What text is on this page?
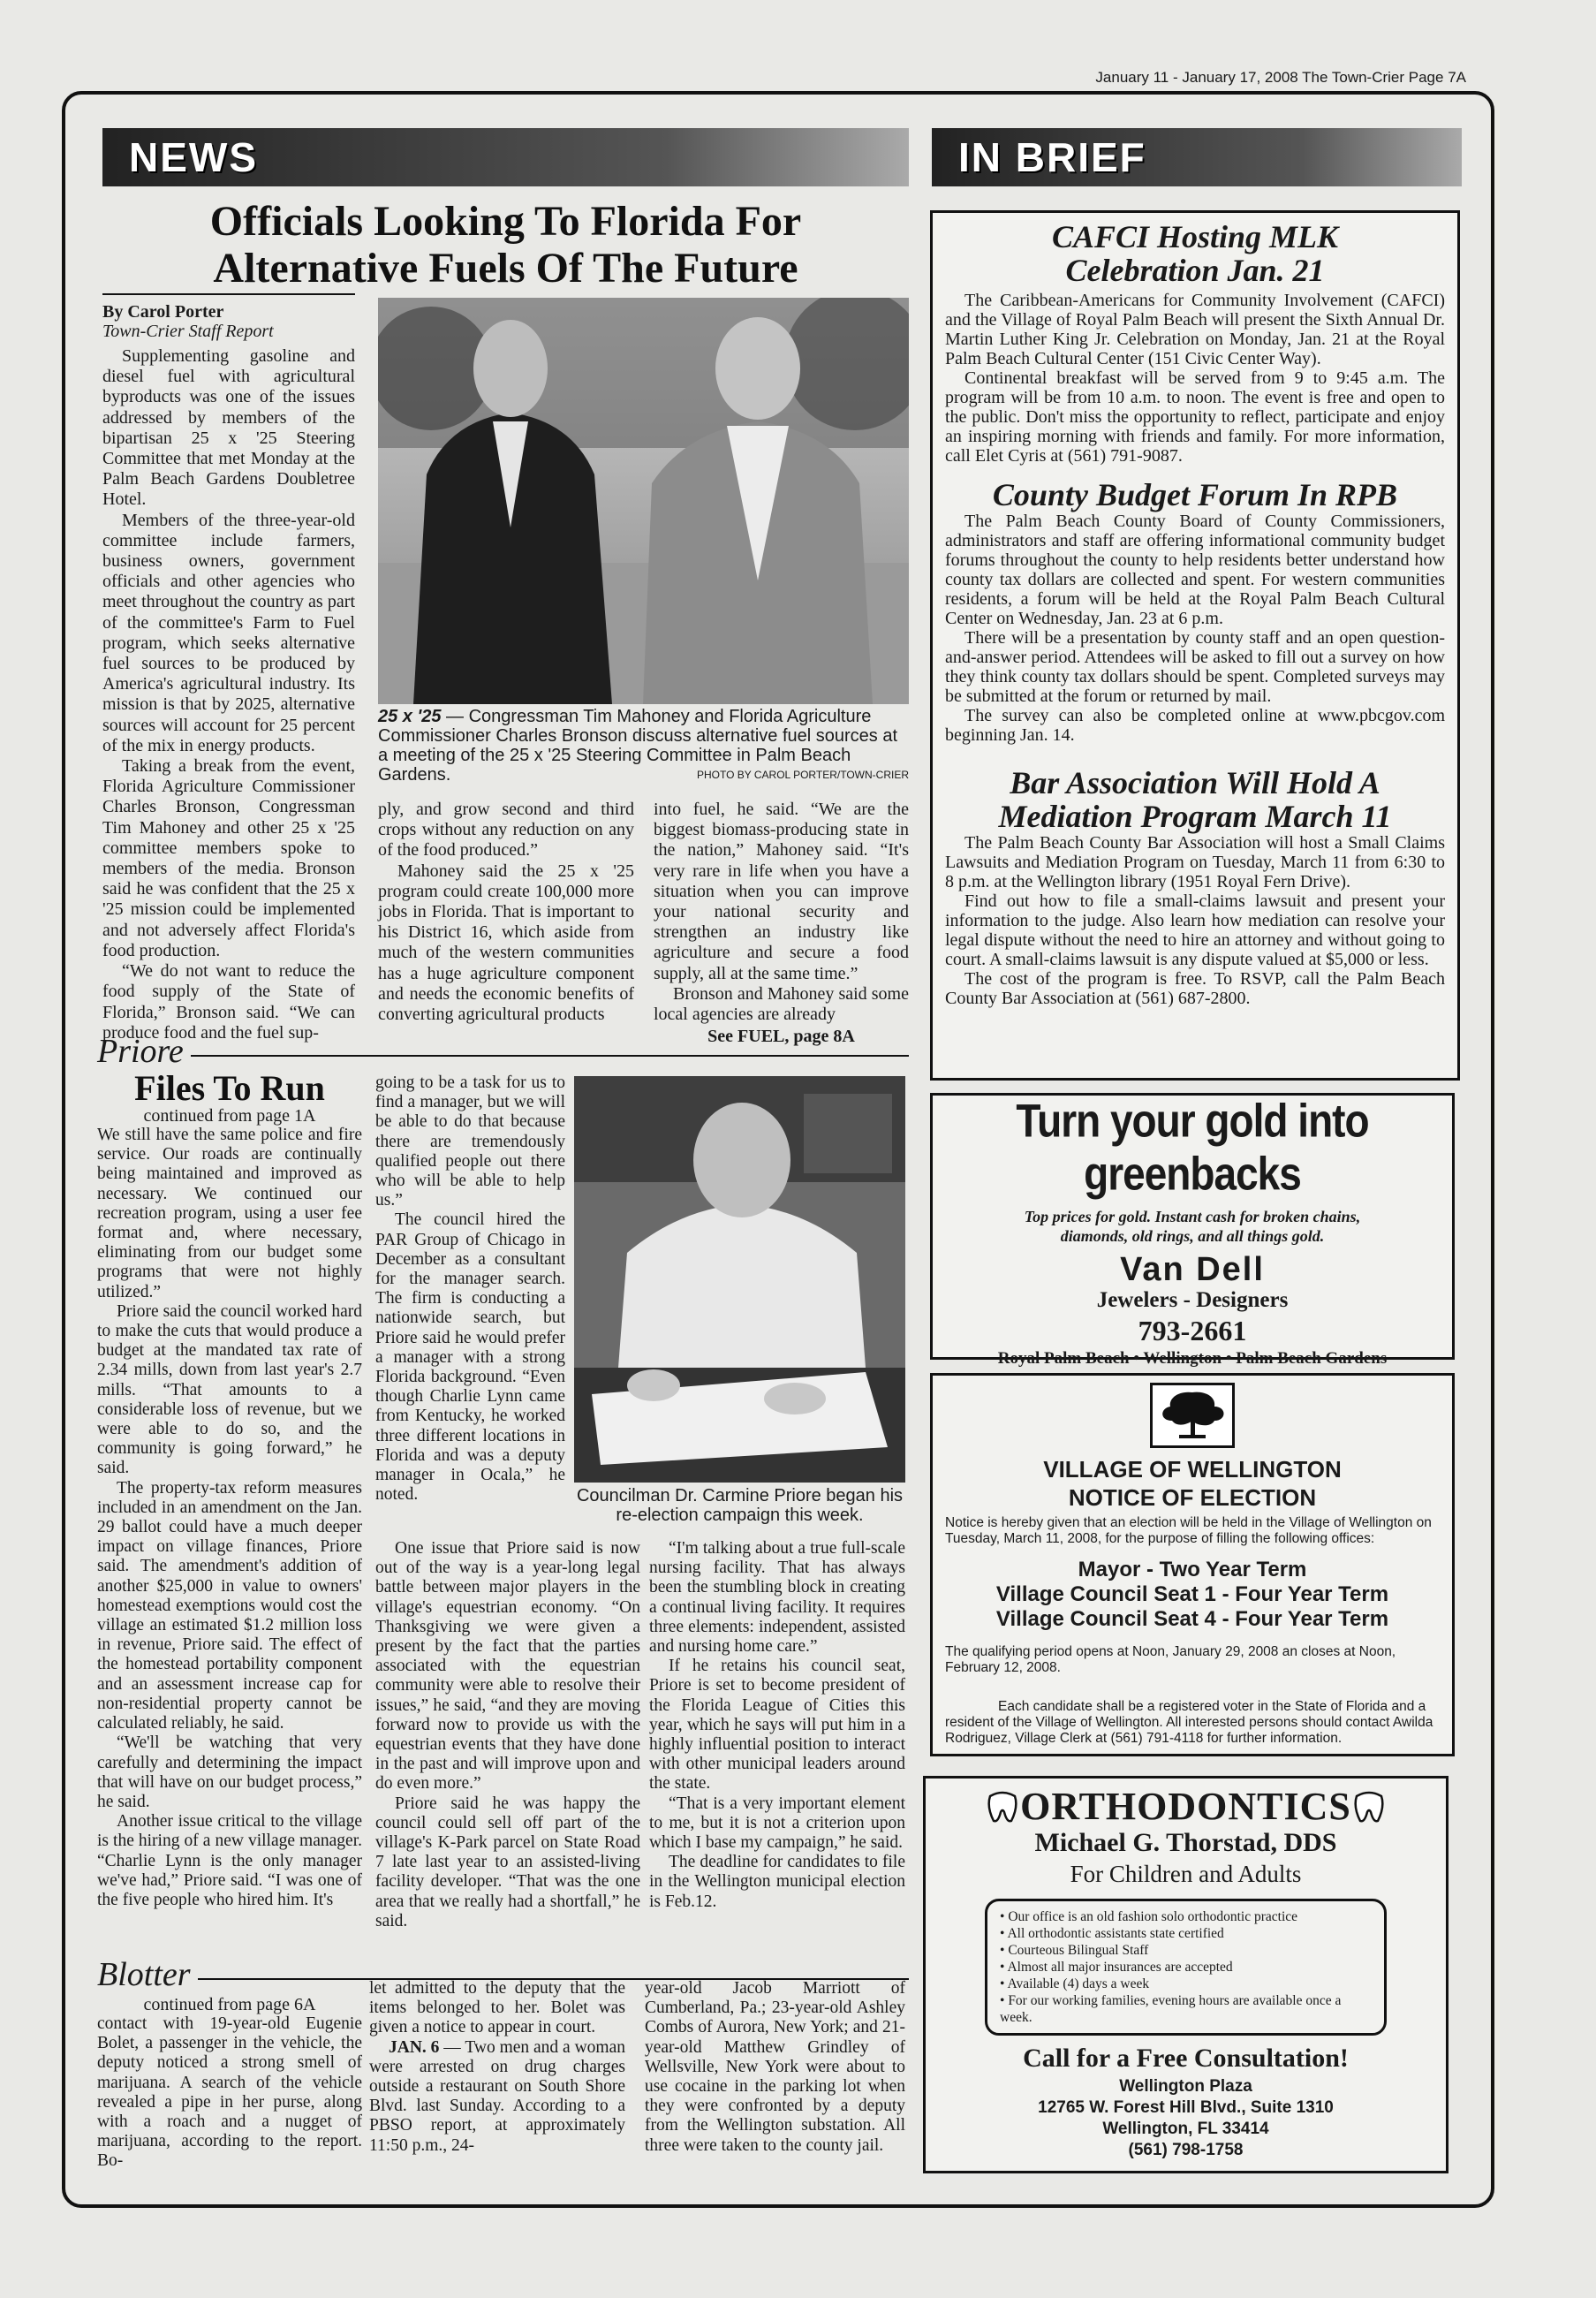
January 11 - January 17, 2008 The Town-Crier Page 7A
NEWS
Officials Looking To Florida For
Alternative Fuels Of The Future
By Carol Porter
Town-Crier Staff Report

Supplementing gasoline and diesel fuel with agricultural byproducts was one of the issues addressed by members of the bipartisan 25 x '25 Steering Committee that met Monday at the Palm Beach Gardens Doubletree Hotel.

Members of the three-year-old committee include farmers, business owners, government officials and other agencies who meet throughout the country as part of the committee's Farm to Fuel program, which seeks alternative fuel sources to be produced by America's agricultural industry. Its mission is that by 2025, alternative sources will account for 25 percent of the mix in energy products.

Taking a break from the event, Florida Agriculture Commissioner Charles Bronson, Congressman Tim Mahoney and other 25 x '25 committee members spoke to members of the media. Bronson said he was confident that the 25 x '25 mission could be implemented and not adversely affect Florida's food production.

“We do not want to reduce the food supply of the State of Florida,” Bronson said. “We can produce food and the fuel sup-

25 x '25 — Congressman Tim Mahoney and Florida Agriculture Commissioner Charles Bronson discuss alternative fuel sources at a meeting of the 25 x '25 Steering Committee in Palm Beach Gardens.	PHOTO BY CAROL PORTER/TOWN-CRIER

ply, and grow second and third crops without any reduction on any of the food produced.”

Mahoney said the 25 x '25 program could create 100,000 more jobs in Florida. That is important to his District 16, which aside from much of the western communities has a huge agriculture component and needs the economic benefits of converting agricultural products

into fuel, he said. “We are the biggest biomass-producing state in the nation,” Mahoney said. “It's very rare in life when you have a situation when you can improve your national security and strengthen an industry like agriculture and secure a food supply, all at the same time.”

Bronson and Mahoney said some local agencies are already

See FUEL, page 8A
Priore
Files To Run
continued from page 1A

We still have the same police and fire service. Our roads are continually being maintained and improved as necessary. We continued our recreation program, using a user fee format and, where necessary, eliminating from our budget some programs that were not highly utilized.”

Priore said the council worked hard to make the cuts that would produce a budget at the mandated tax rate of 2.34 mills, down from last year's 2.7 mills. “That amounts to a considerable loss of revenue, but we were able to do so, and the community is going forward,” he said.

The property-tax reform measures included in an amendment on the Jan. 29 ballot could have a much deeper impact on village finances, Priore said. The amendment's addition of another $25,000 in value to owners' homestead exemptions would cost the village an estimated $1.2 million loss in revenue, Priore said. The effect of the homestead portability component and an assessment increase cap for non-residential property cannot be calculated reliably, he said.

“We'll be watching that very carefully and determining the impact that will have on our budget process,” he said.

Another issue critical to the village is the hiring of a new village manager. “Charlie Lynn is the only manager we've had,” Priore said. “I was one of the five people who hired him. It's

going to be a task for us to find a manager, but we will be able to do that because there are tremendously qualified people out there who will be able to help us.”

The council hired the PAR Group of Chicago in December as a consultant for the manager search. The firm is conducting a nationwide search, but Priore said he would prefer a manager with a strong Florida background. “Even though Charlie Lynn came from Kentucky, he worked three different locations in Florida and was a deputy manager in Ocala,” he noted.	Councilman Dr. Carmine Priore began his re-election campaign this week.

One issue that Priore said is now out of the way is a year-long legal battle between major players in the village's equestrian economy. “On Thanksgiving we were given a present by the fact that the parties associated with the equestrian community were able to resolve their issues,” he said, “and they are moving forward now to provide us with the equestrian events that they have done in the past and will improve upon and do even more.”

Priore said he was happy the council could sell off part of the village's K-Park parcel on State Road 7 late last year to an assisted-living facility developer. “That was the one area that we really had a shortfall,” he said.

“I'm talking about a true full-scale nursing facility. That has always been the stumbling block in creating a continual living facility. It requires three elements: independent, assisted and nursing home care.”

If he retains his council seat, Priore is set to become president of the Florida League of Cities this year, which he says will put him in a highly influential position to interact with other municipal leaders around the state.

“That is a very important element to me, but it is not a criterion upon which I base my campaign,” he said.

The deadline for candidates to file in the Wellington municipal election is Feb.12.

Blotter
continued from page 6A
contact with 19-year-old Eugenie Bolet, a passenger in the vehicle, the deputy noticed a strong smell of marijuana. A search of the vehicle revealed a pipe in her purse, along with a roach and a nugget of marijuana, according to the report. Bo-

let admitted to the deputy that the items belonged to her. Bolet was given a notice to appear in court.

JAN. 6 — Two men and a woman were arrested on drug charges outside a restaurant on South Shore Blvd. last Sunday. According to a PBSO report, at approximately 11:50 p.m., 24-

year-old Jacob Marriott of Cumberland, Pa.; 23-year-old Ashley Combs of Aurora, New York; and 21-year-old Matthew Grindley of Wellsville, New York were about to use cocaine in the parking lot when they were confronted by a deputy from the Wellington substation. All three were taken to the county jail.
IN BRIEF
CAFCI Hosting MLK Celebration Jan. 21

The Caribbean-Americans for Community Involvement (CAFCI) and the Village of Royal Palm Beach will present the Sixth Annual Dr. Martin Luther King Jr. Celebration on Monday, Jan. 21 at the Royal Palm Beach Cultural Center (151 Civic Center Way).

Continental breakfast will be served from 9 to 9:45 a.m. The program will be from 10 a.m. to noon. The event is free and open to the public. Don't miss the opportunity to reflect, participate and enjoy an inspiring morning with friends and family. For more information, call Elet Cyris at (561) 791-9087.

County Budget Forum In RPB

The Palm Beach County Board of County Commissioners, administrators and staff are offering informational community budget forums throughout the county to help residents better understand how county tax dollars are collected and spent. For western communities residents, a forum will be held at the Royal Palm Beach Cultural Center on Wednesday, Jan. 23 at 6 p.m.

There will be a presentation by county staff and an open question-and-answer period. Attendees will be asked to fill out a survey on how they think county tax dollars should be spent. Completed surveys may be submitted at the forum or returned by mail.

The survey can also be completed online at www.pbcgov.com beginning Jan. 14.

Bar Association Will Hold A Mediation Program March 11

The Palm Beach County Bar Association will host a Small Claims Lawsuits and Mediation Program on Tuesday, March 11 from 6:30 to 8 p.m. at the Wellington library (1951 Royal Fern Drive).

Find out how to file a small-claims lawsuit and present your information to the judge. Also learn how mediation can resolve your legal dispute without the need to hire an attorney and without going to court. A small-claims lawsuit is any dispute valued at $5,000 or less.

The cost of the program is free. To RSVP, call the Palm Beach County Bar Association at (561) 687-2800.

Turn your gold into greenbacks
Top prices for gold. Instant cash for broken chains,
diamonds, old rings, and all things gold.
Van Dell
Jewelers - Designers
793-2661
Royal Palm Beach • Wellington • Palm Beach Gardens
VILLAGE OF WELLINGTON
NOTICE OF ELECTION
Notice is hereby given that an election will be held in the Village of Wellington on Tuesday, March 11, 2008, for the purpose of filling the following offices:
Mayor - Two Year Term
Village Council Seat 1 - Four Year Term
Village Council Seat 4 - Four Year Term
The qualifying period opens at Noon, January 29, 2008 an closes at Noon, February 12, 2008.
Each candidate shall be a registered voter in the State of Florida and a resident of the Village of Wellington. All interested persons should contact Awilda Rodriguez, Village Clerk at (561) 791-4118 for further information.
ORTHODONTICS
Michael G. Thorstad, DDS
For Children and Adults
• Our office is an old fashion solo orthodontic practice
• All orthodontic assistants state certified
• Courteous Bilingual Staff
• Almost all major insurances are accepted
• Available (4) days a week
• For our working families, evening hours are available once a week.
Call for a Free Consultation!
Wellington Plaza
12765 W. Forest Hill Blvd., Suite 1310
Wellington, FL 33414
(561) 798-1758
